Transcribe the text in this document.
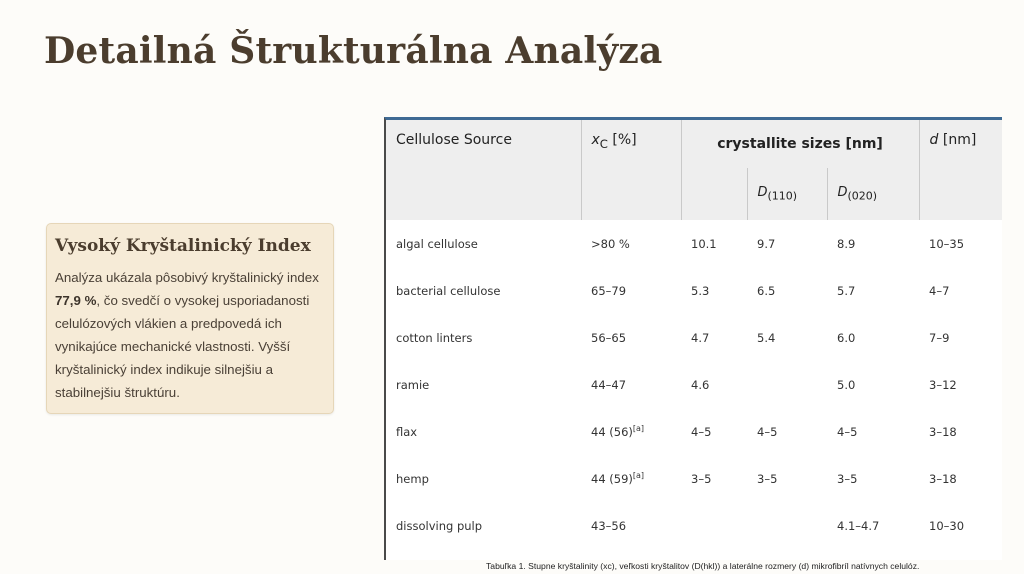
Detailná Štrukturálna Analýza
Vysoký Kryštalinický Index

Analýza ukázala pôsobivý kryštalinický index 77,9 %, čo svedčí o vysokej usporiadanosti celulózových vlákien a predpovedá ich vynikajúce mechanické vlastnosti. Vyšší kryštalinický index indikuje silnejšiu a stabilnejšiu štruktúru.

Cellulose Source	$x_C$ [%]	crystallite sizes [nm]			d [nm]
			$D_{(110)}$	$D_{(020)}$
algal cellulose	>80 %	10.1	9.7	8.9	10–35
bacterial cellulose	65–79	5.3	6.5	5.7	4–7
cotton linters	56–65	4.7	5.4	6.0	7–9
ramie	44–47	4.6		5.0	3–12
flax	44 (56)[a]	4–5	4–5	4–5	3–18
hemp	44 (59)[a]	3–5	3–5	3–5	3–18
dissolving pulp	43–56			4.1–4.7	10–30
Tabuľka 1. Stupne kryštalinity (xc), veľkosti kryštalitov (D(hkl)) a laterálne rozmery (d) mikrofibríl natívnych celulóz.
